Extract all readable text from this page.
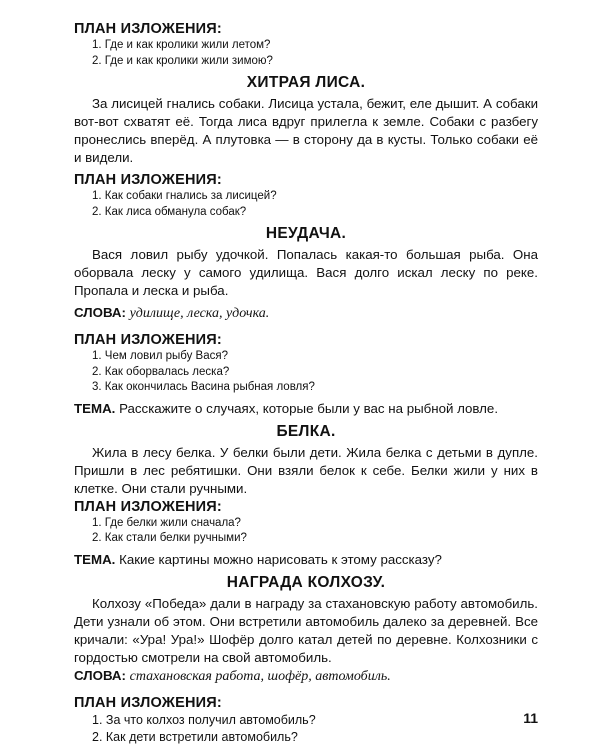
ПЛАН ИЗЛОЖЕНИЯ:

1. Где и как кролики жили летом?
2. Где и как кролики жили зимою?
ХИТРАЯ ЛИСА.

За лисицей гнались собаки. Лисица устала, бежит, еле дышит. А собаки вот-вот схватят её. Тогда лиса вдруг прилегла к земле. Собаки с разбегу пронеслись вперёд. А плутовка — в сторону да в кусты. Только собаки её и видели.

ПЛАН ИЗЛОЖЕНИЯ:

1. Как собаки гнались за лисицей?
2. Как лиса обманула собак?
НЕУДАЧА.

Вася ловил рыбу удочкой. Попалась какая-то большая рыба. Она оборвала леску у самого удилища. Вася долго искал леску по реке. Пропала и леска и рыба.

СЛОВА: удилище, леска, удочка.

ПЛАН ИЗЛОЖЕНИЯ:

1. Чем ловил рыбу Вася?
2. Как оборвалась леска?
3. Как окончилась Васина рыбная ловля?

ТЕМА. Расскажите о случаях, которые были у вас на рыбной ловле.

БЕЛКА.

Жила в лесу белка. У белки были дети. Жила белка с детьми в дупле. Пришли в лес ребятишки. Они взяли белок к себе. Белки жили у них в клетке. Они стали ручными.

ПЛАН ИЗЛОЖЕНИЯ:

1. Где белки жили сначала?
2. Как стали белки ручными?

ТЕМА. Какие картины можно нарисовать к этому рассказу?

НАГРАДА КОЛХОЗУ.

Колхозу «Победа» дали в награду за стахановскую работу автомобиль. Дети узнали об этом. Они встретили автомобиль далеко за деревней. Все кричали: «Ура! Ура!» Шофёр долго катал детей по деревне. Колхозники с гордостью смотрели на свой автомобиль.

СЛОВА: стахановская работа, шофёр, автомобиль.

ПЛАН ИЗЛОЖЕНИЯ:

1. За что колхоз получил автомобиль?
2. Как дети встретили автомобиль?
11
